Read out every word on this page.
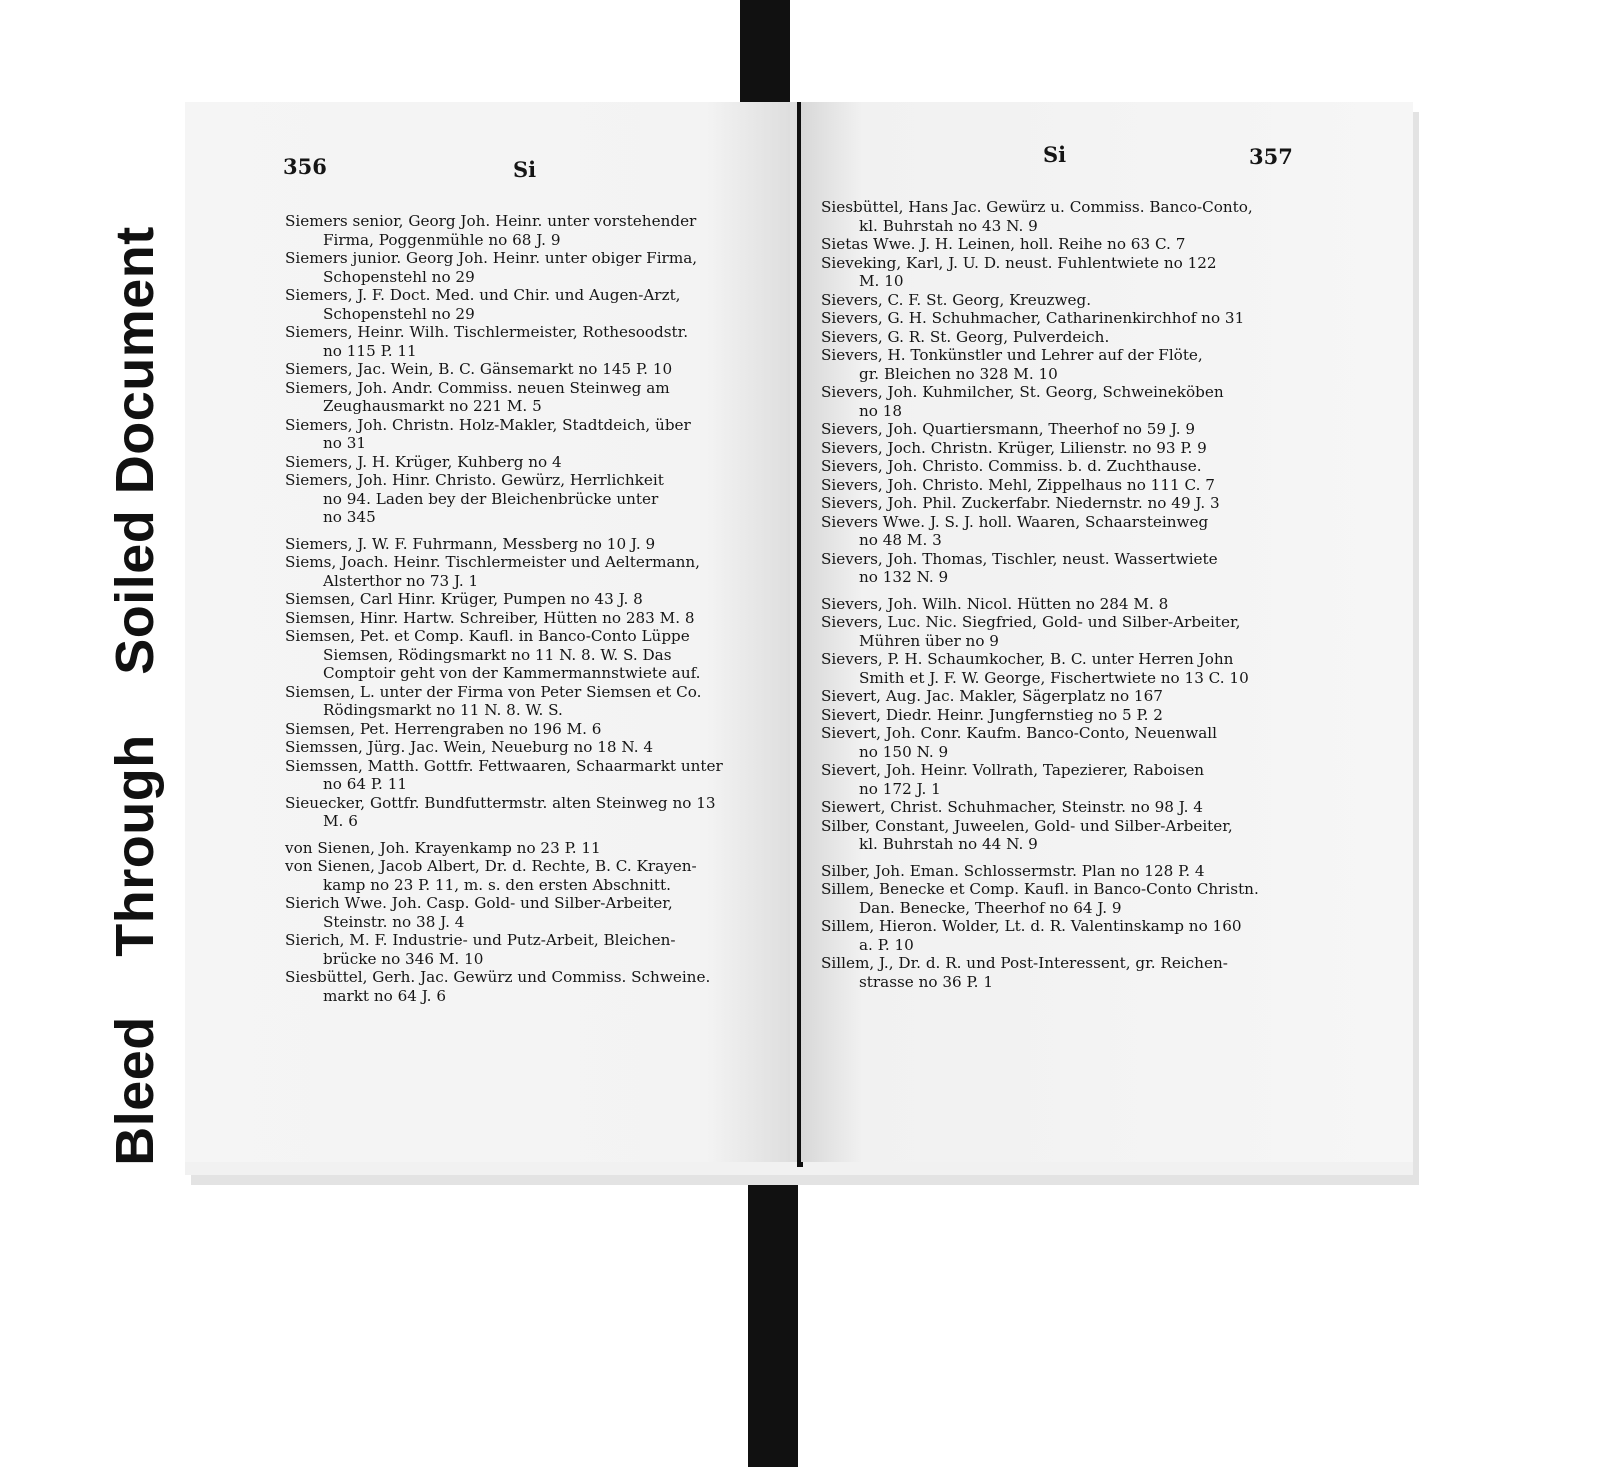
Bleed Through Soiled Document
356	Si
Siemers senior, Georg Joh. Heinr. unter vorstehender
Firma, Poggenmühle no 68 J. 9
Siemers junior. Georg Joh. Heinr. unter obiger Firma,
Schopenstehl no 29
Siemers, J. F. Doct. Med. und Chir. und Augen-Arzt,
Schopenstehl no 29
Siemers, Heinr. Wilh. Tischlermeister, Rothesoodstr.
no 115 P. 11
Siemers, Jac. Wein, B. C. Gänsemarkt no 145 P. 10
Siemers, Joh. Andr. Commiss. neuen Steinweg am
Zeughausmarkt no 221 M. 5
Siemers, Joh. Christn. Holz-Makler, Stadtdeich, über
no 31
Siemers, J. H. Krüger, Kuhberg no 4
Siemers, Joh. Hinr. Christo. Gewürz, Herrlichkeit
no 94. Laden bey der Bleichenbrücke unter
no 345
Siemers, J. W. F. Fuhrmann, Messberg no 10 J. 9
Siems, Joach. Heinr. Tischlermeister und Aeltermann,
Alsterthor no 73 J. 1
Siemsen, Carl Hinr. Krüger, Pumpen no 43 J. 8
Siemsen, Hinr. Hartw. Schreiber, Hütten no 283 M. 8
Siemsen, Pet. et Comp. Kaufl. in Banco-Conto Lüppe
Siemsen, Rödingsmarkt no 11 N. 8. W. S. Das
Comptoir geht von der Kammermannstwiete auf.
Siemsen, L. unter der Firma von Peter Siemsen et Co.
Rödingsmarkt no 11 N. 8. W. S.
Siemsen, Pet. Herrengraben no 196 M. 6
Siemssen, Jürg. Jac. Wein, Neueburg no 18 N. 4
Siemssen, Matth. Gottfr. Fettwaaren, Schaarmarkt unter
no 64 P. 11
Sieuecker, Gottfr. Bundfuttermstr. alten Steinweg no 13
M. 6
von Sienen, Joh. Krayenkamp no 23 P. 11
von Sienen, Jacob Albert, Dr. d. Rechte, B. C. Krayen-
kamp no 23 P. 11, m. s. den ersten Abschnitt.
Sierich Wwe. Joh. Casp. Gold- und Silber-Arbeiter,
Steinstr. no 38 J. 4
Sierich, M. F. Industrie- und Putz-Arbeit, Bleichen-
brücke no 346 M. 10
Siesbüttel, Gerh. Jac. Gewürz und Commiss. Schweine.
markt no 64 J. 6
Si	357
Siesbüttel, Hans Jac. Gewürz u. Commiss. Banco-Conto,
kl. Buhrstah no 43 N. 9
Sietas Wwe. J. H. Leinen, holl. Reihe no 63 C. 7
Sieveking, Karl, J. U. D. neust. Fuhlentwiete no 122
M. 10
Sievers, C. F. St. Georg, Kreuzweg.
Sievers, G. H. Schuhmacher, Catharinenkirchhof no 31
Sievers, G. R. St. Georg, Pulverdeich.
Sievers, H. Tonkünstler und Lehrer auf der Flöte,
gr. Bleichen no 328 M. 10
Sievers, Joh. Kuhmilcher, St. Georg, Schweineköben
no 18
Sievers, Joh. Quartiersmann, Theerhof no 59 J. 9
Sievers, Joch. Christn. Krüger, Lilienstr. no 93 P. 9
Sievers, Joh. Christo. Commiss. b. d. Zuchthause.
Sievers, Joh. Christo. Mehl, Zippelhaus no 111 C. 7
Sievers, Joh. Phil. Zuckerfabr. Niedernstr. no 49 J. 3
Sievers Wwe. J. S. J. holl. Waaren, Schaarsteinweg
no 48 M. 3
Sievers, Joh. Thomas, Tischler, neust. Wassertwiete
no 132 N. 9
Sievers, Joh. Wilh. Nicol. Hütten no 284 M. 8
Sievers, Luc. Nic. Siegfried, Gold- und Silber-Arbeiter,
Mühren über no 9
Sievers, P. H. Schaumkocher, B. C. unter Herren John
Smith et J. F. W. George, Fischertwiete no 13 C. 10
Sievert, Aug. Jac. Makler, Sägerplatz no 167
Sievert, Diedr. Heinr. Jungfernstieg no 5 P. 2
Sievert, Joh. Conr. Kaufm. Banco-Conto, Neuenwall
no 150 N. 9
Sievert, Joh. Heinr. Vollrath, Tapezierer, Raboisen
no 172 J. 1
Siewert, Christ. Schuhmacher, Steinstr. no 98 J. 4
Silber, Constant, Juweelen, Gold- und Silber-Arbeiter,
kl. Buhrstah no 44 N. 9
Silber, Joh. Eman. Schlossermstr. Plan no 128 P. 4
Sillem, Benecke et Comp. Kaufl. in Banco-Conto Christn.
Dan. Benecke, Theerhof no 64 J. 9
Sillem, Hieron. Wolder, Lt. d. R. Valentinskamp no 160
a. P. 10
Sillem, J., Dr. d. R. und Post-Interessent, gr. Reichen-
strasse no 36 P. 1
